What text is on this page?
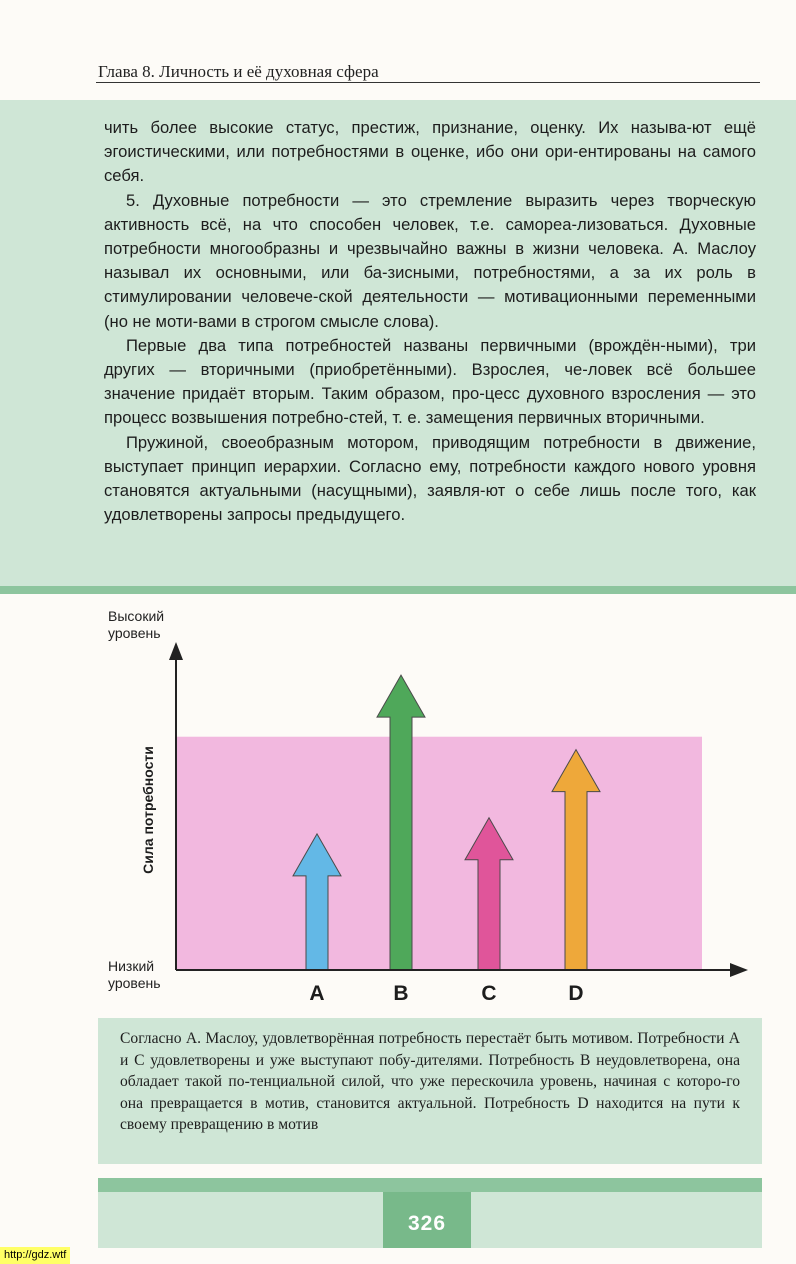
Глава 8. Личность и её духовная сфера

чить более высокие статус, престиж, признание, оценку. Их называ-ют ещё эгоистическими, или потребностями в оценке, ибо они ори-ентированы на самого себя.

5. Духовные потребности — это стремление выразить через творческую активность всё, на что способен человек, т.е. самореа-лизоваться. Духовные потребности многообразны и чрезвычайно важны в жизни человека. А. Маслоу называл их основными, или ба-зисными, потребностями, а за их роль в стимулировании человече-ской деятельности — мотивационными переменными (но не моти-вами в строгом смысле слова).

Первые два типа потребностей названы первичными (врождён-ными), три других — вторичными (приобретёнными). Взрослея, че-ловек всё большее значение придаёт вторым. Таким образом, про-цесс духовного взросления — это процесс возвышения потребно-стей, т. е. замещения первичных вторичными.

Пружиной, своеобразным мотором, приводящим потребности в движение, выступает принцип иерархии. Согласно ему, потребности каждого нового уровня становятся актуальными (насущными), заявля-ют о себе лишь после того, как удовлетворены запросы предыдущего.

Высокий
уровень
Низкий
уровень
Сила потребности
A	B	C	D

Согласно А. Маслоу, удовлетворённая потребность перестаёт быть мотивом. Потребности А и С удовлетворены и уже выступают побу-дителями. Потребность В неудовлетворена, она обладает такой по-тенциальной силой, что уже перескочила уровень, начиная с которо-го она превращается в мотив, становится актуальной. Потребность D находится на пути к своему превращению в мотив

326
http://gdz.wtf
